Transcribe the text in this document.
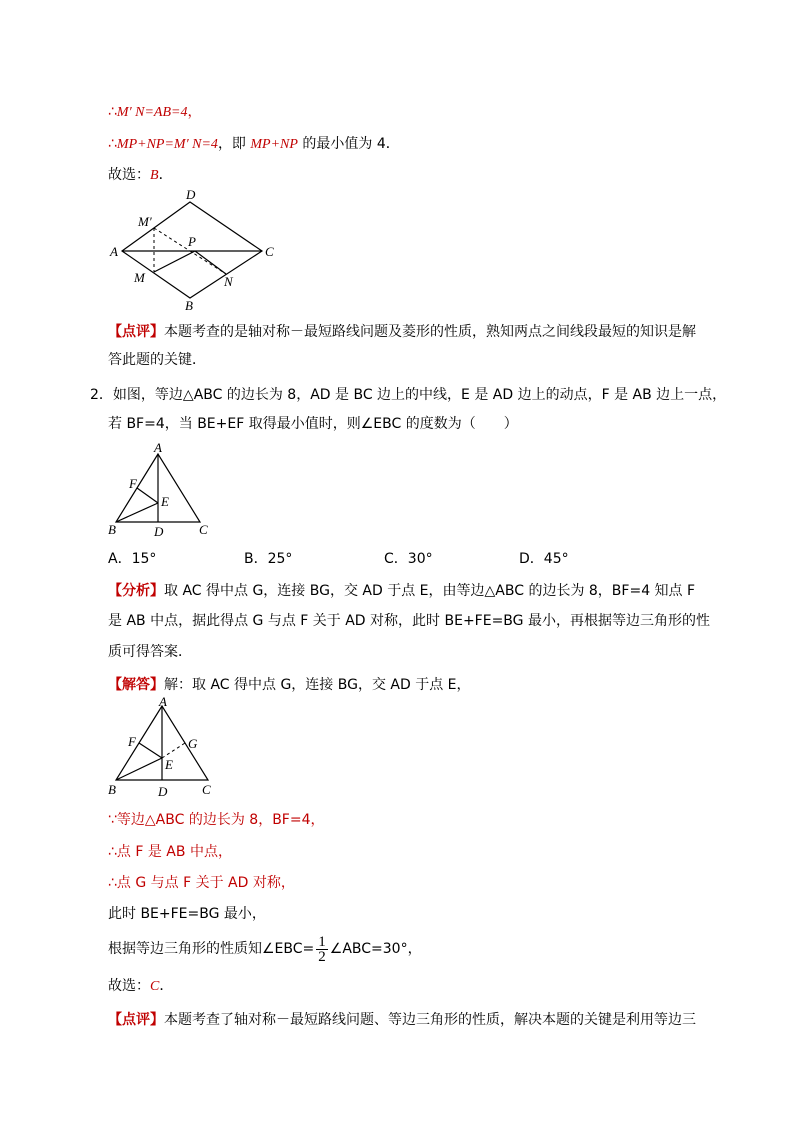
∴M′ N=AB=4，
∴MP+NP=M′ N=4，即 MP+NP 的最小值为 4．
故选：B．
D
M′
P
A	C
M	N
B
【点评】本题考查的是轴对称－最短路线问题及菱形的性质，熟知两点之间线段最短的知识是解
答此题的关键．
2．如图，等边△ABC 的边长为 8，AD 是 BC 边上的中线，E 是 AD 边上的动点，F 是 AB 边上一点，
若 BF=4，当 BE+EF 取得最小值时，则∠EBC 的度数为（　　）
A
F
E
B	D	C
A．15°	B．25°	C．30°	D．45°
【分析】取 AC 得中点 G，连接 BG，交 AD 于点 E，由等边△ABC 的边长为 8，BF=4 知点 F
是 AB 中点，据此得点 G 与点 F 关于 AD 对称，此时 BE+FE=BG 最小，再根据等边三角形的性
质可得答案．
【解答】解：取 AC 得中点 G，连接 BG，交 AD 于点 E，
A
F	G
E
B	D	C
∵等边△ABC 的边长为 8，BF=4，
∴点 F 是 AB 中点，
∴点 G 与点 F 关于 AD 对称，
此时 BE+FE=BG 最小，
根据等边三角形的性质知∠EBC= $\frac{1}{2}$ ∠ABC=30°，
故选：C．
【点评】本题考查了轴对称－最短路线问题、等边三角形的性质，解决本题的关键是利用等边三
